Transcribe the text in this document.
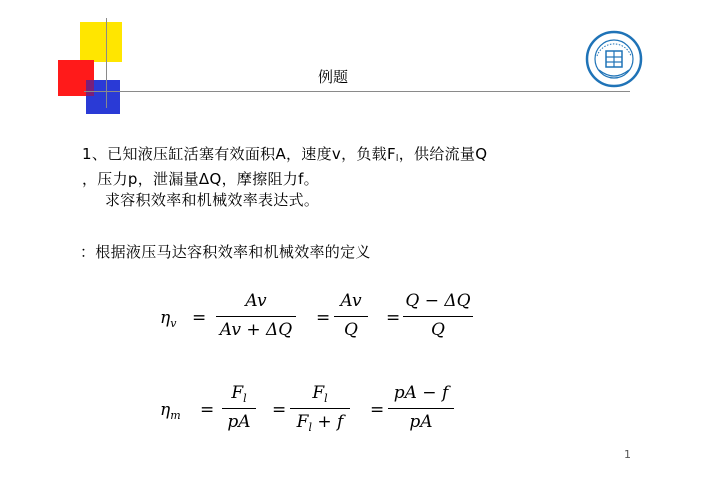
例题
1、已知液压缸活塞有效面积A，速度v，负载$F_l$，供给流量Q
，压力p，泄漏量ΔQ，摩擦阻力f。
求容积效率和机械效率表达式。
：根据液压马达容积效率和机械效率的定义
$\eta_v$ =
Av
Av + ΔQ
=
Av
Q
=
Q − ΔQ
Q
$\eta_m$ =
$F_l$
pA
=
$F_l$
$F_l + f$
=
pA − f
pA
1
